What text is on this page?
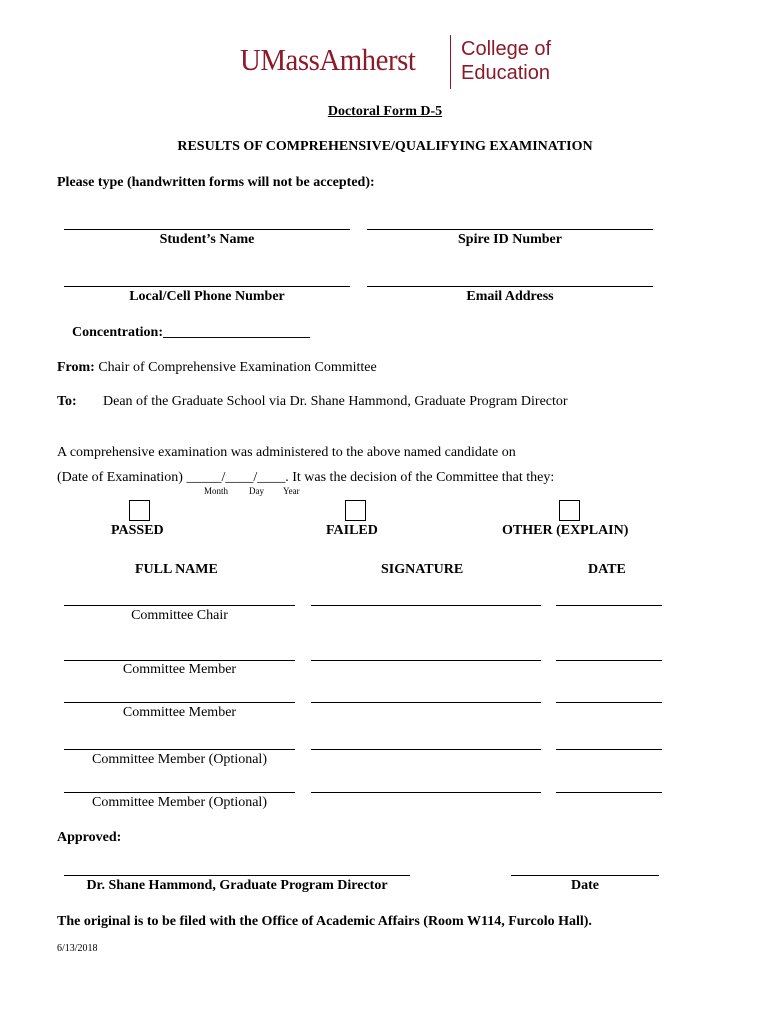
UMassAmherst College of
Education
Doctoral Form D-5
RESULTS OF COMPREHENSIVE/QUALIFYING EXAMINATION
Please type (handwritten forms will not be accepted):
Student’s Name	Spire ID Number
Local/Cell Phone Number	Email Address
Concentration:_____________________
From: Chair of Comprehensive Examination Committee
To: Dean of the Graduate School via Dr. Shane Hammond, Graduate Program Director
A comprehensive examination was administered to the above named candidate on
(Date of Examination) _____/____/____. It was the decision of the Committee that they:
Month Day Year
PASSED	FAILED	OTHER (EXPLAIN)
FULL NAME	SIGNATURE	DATE
Committee Chair
Committee Member
Committee Member
Committee Member (Optional)
Committee Member (Optional)
Approved:
Dr. Shane Hammond, Graduate Program Director	Date
The original is to be filed with the Office of Academic Affairs (Room W114, Furcolo Hall).
6/13/2018
